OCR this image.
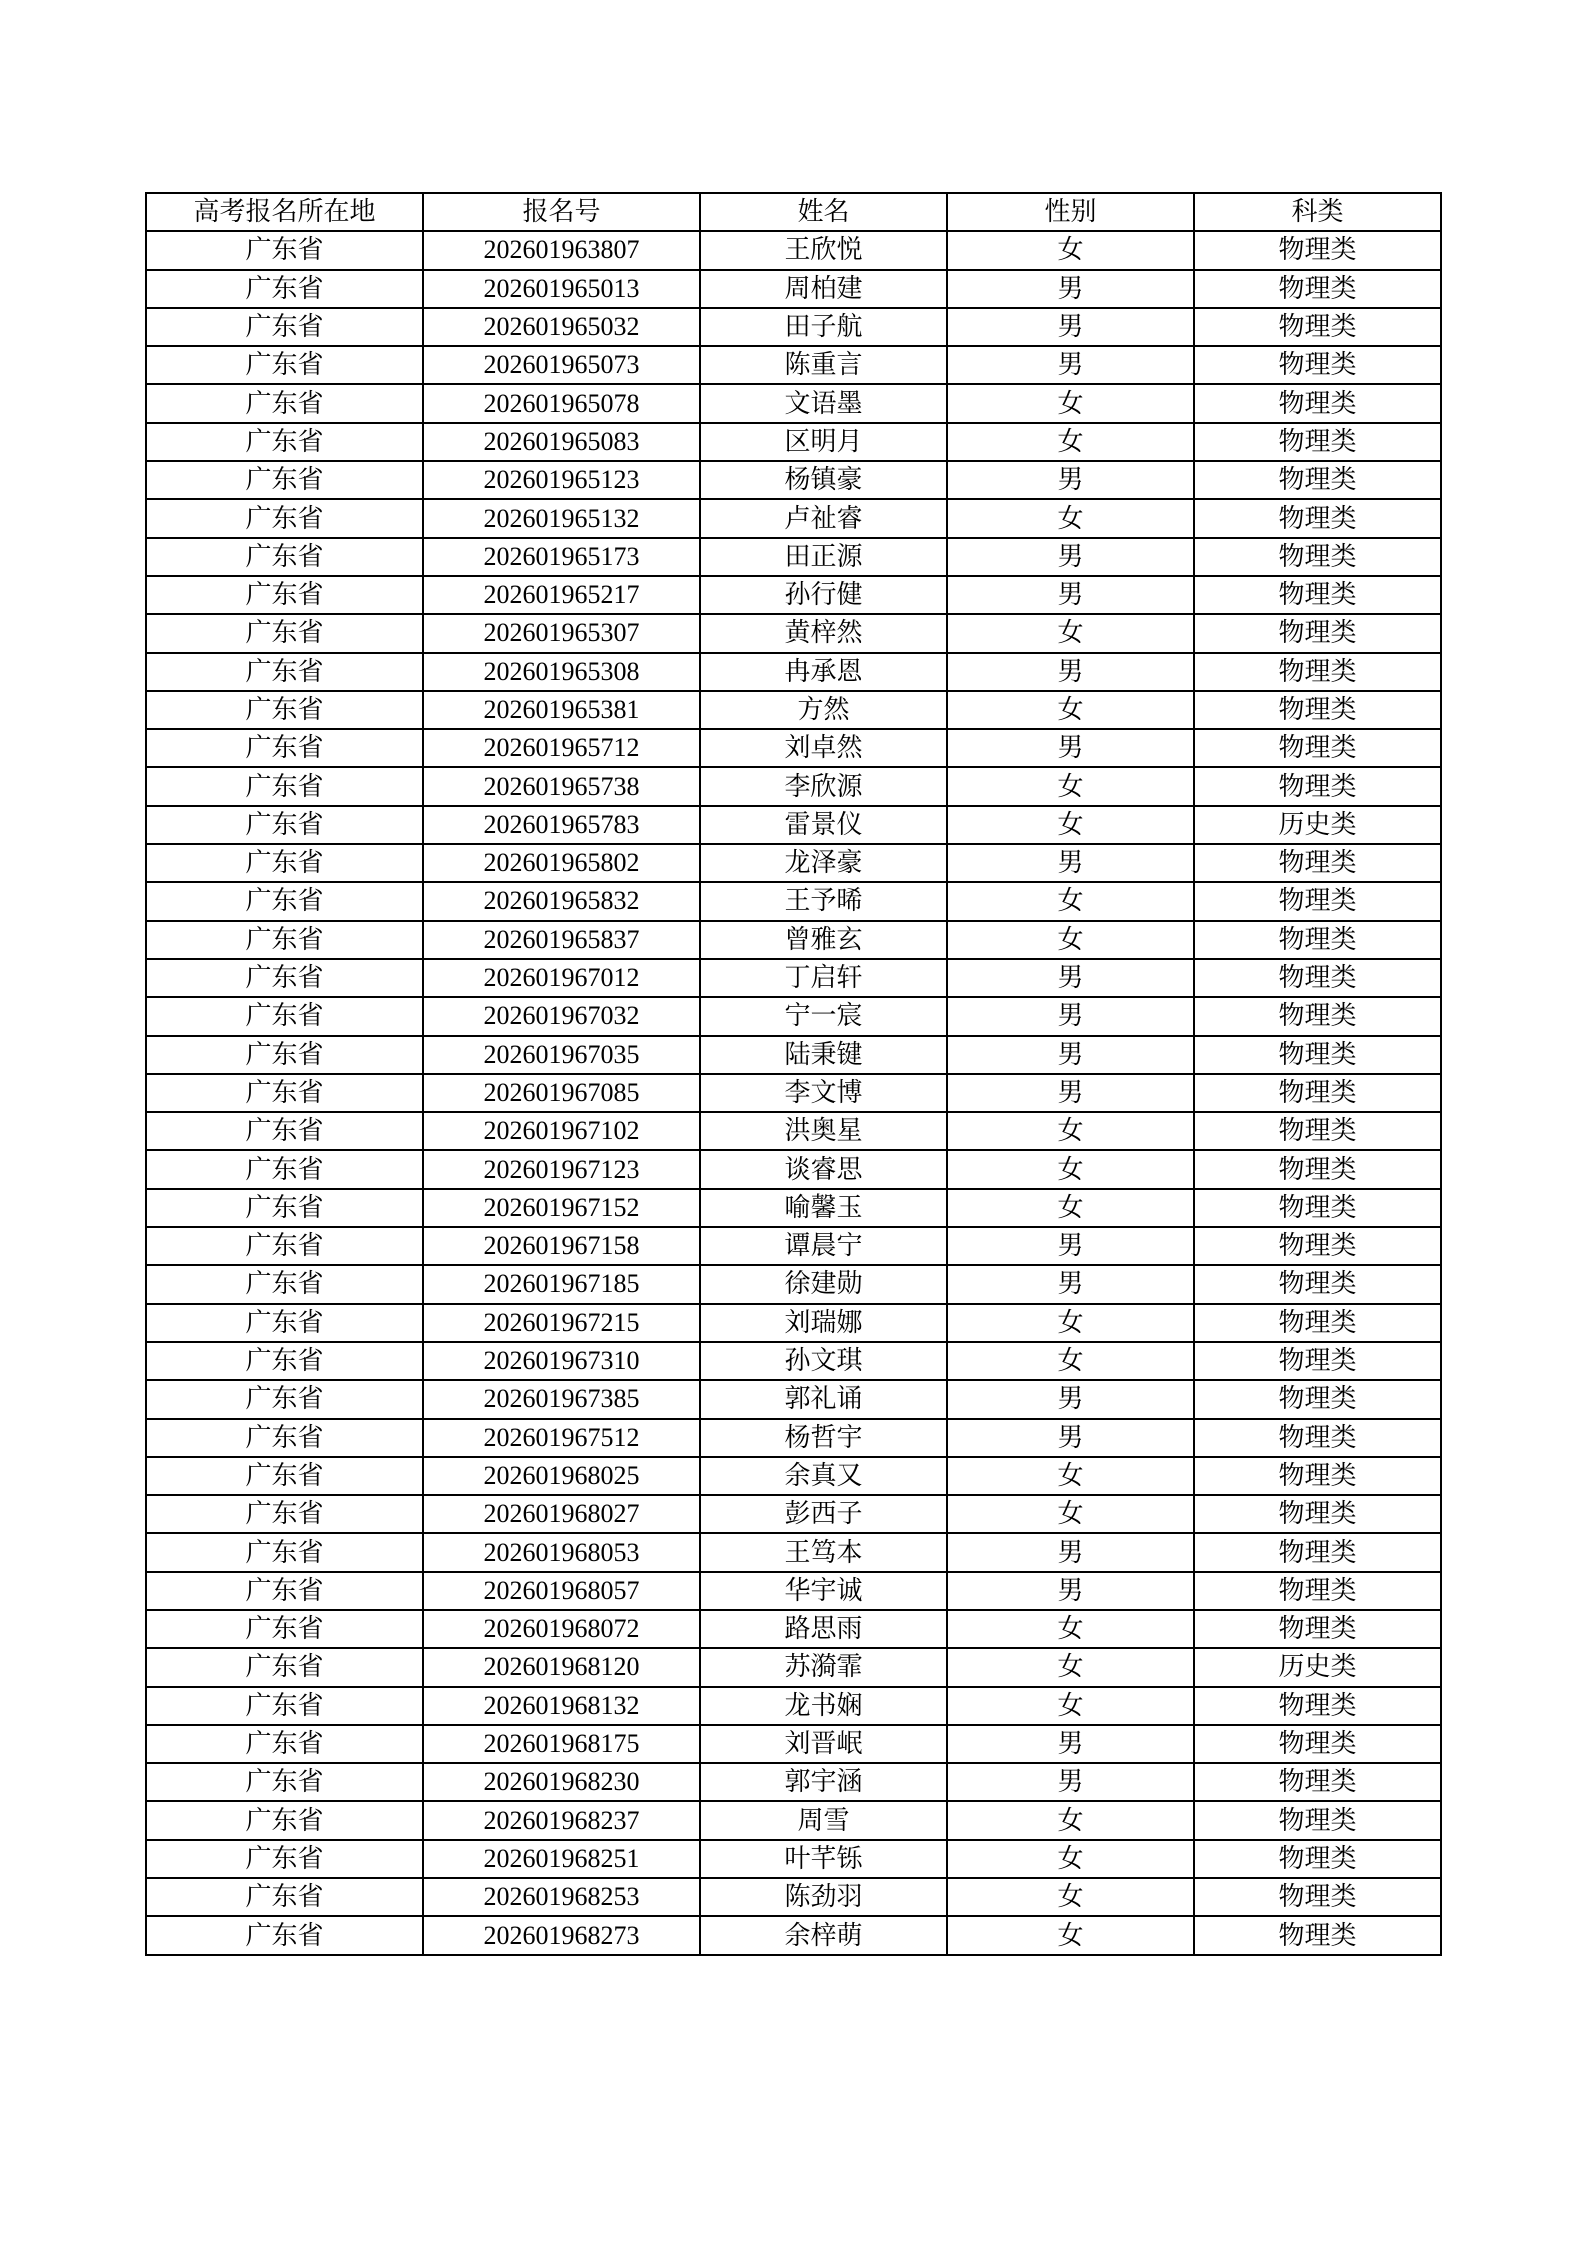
高考报名所在地	报名号	姓名	性别	科类
广东省	202601963807	王欣悦	女	物理类
广东省	202601965013	周柏建	男	物理类
广东省	202601965032	田子航	男	物理类
广东省	202601965073	陈重言	男	物理类
广东省	202601965078	文语墨	女	物理类
广东省	202601965083	区明月	女	物理类
广东省	202601965123	杨镇豪	男	物理类
广东省	202601965132	卢祉睿	女	物理类
广东省	202601965173	田正源	男	物理类
广东省	202601965217	孙行健	男	物理类
广东省	202601965307	黄梓然	女	物理类
广东省	202601965308	冉承恩	男	物理类
广东省	202601965381	方然	女	物理类
广东省	202601965712	刘卓然	男	物理类
广东省	202601965738	李欣源	女	物理类
广东省	202601965783	雷景仪	女	历史类
广东省	202601965802	龙泽豪	男	物理类
广东省	202601965832	王予晞	女	物理类
广东省	202601965837	曾雅玄	女	物理类
广东省	202601967012	丁启轩	男	物理类
广东省	202601967032	宁一宸	男	物理类
广东省	202601967035	陆秉键	男	物理类
广东省	202601967085	李文博	男	物理类
广东省	202601967102	洪奥星	女	物理类
广东省	202601967123	谈睿思	女	物理类
广东省	202601967152	喻馨玉	女	物理类
广东省	202601967158	谭晨宁	男	物理类
广东省	202601967185	徐建勋	男	物理类
广东省	202601967215	刘瑞娜	女	物理类
广东省	202601967310	孙文琪	女	物理类
广东省	202601967385	郭礼诵	男	物理类
广东省	202601967512	杨哲宇	男	物理类
广东省	202601968025	余真又	女	物理类
广东省	202601968027	彭西子	女	物理类
广东省	202601968053	王笃本	男	物理类
广东省	202601968057	华宇诚	男	物理类
广东省	202601968072	路思雨	女	物理类
广东省	202601968120	苏漪霏	女	历史类
广东省	202601968132	龙书娴	女	物理类
广东省	202601968175	刘晋岷	男	物理类
广东省	202601968230	郭宇涵	男	物理类
广东省	202601968237	周雪	女	物理类
广东省	202601968251	叶芊铄	女	物理类
广东省	202601968253	陈劲羽	女	物理类
广东省	202601968273	余梓萌	女	物理类
